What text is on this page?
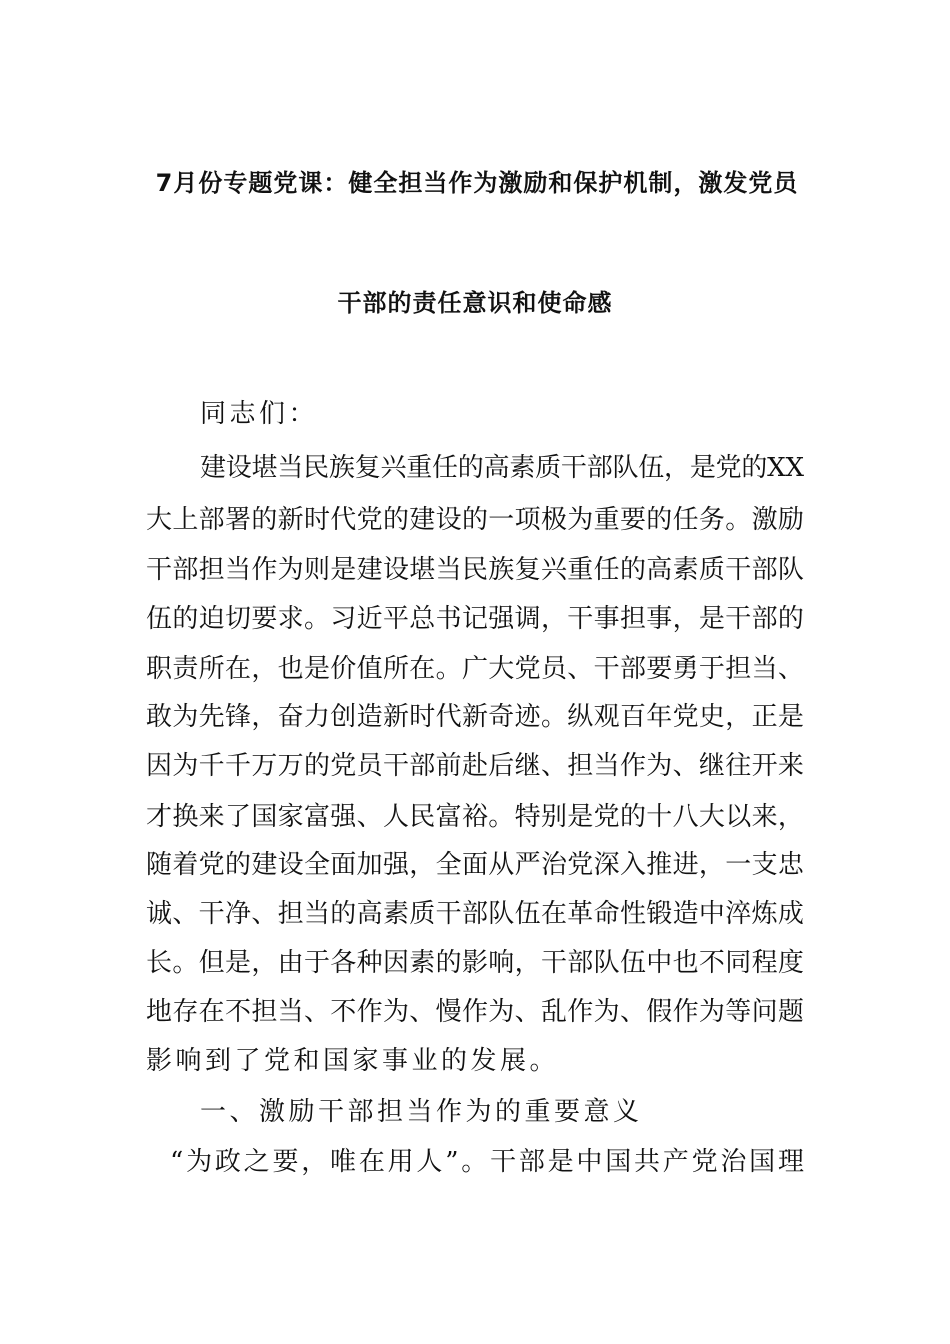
7月份专题党课：健全担当作为激励和保护机制，激发党员
干部的责任意识和使命感
同志们：
建设堪当民族复兴重任的高素质干部队伍，是党的XX
大上部署的新时代党的建设的一项极为重要的任务。激励
干部担当作为则是建设堪当民族复兴重任的高素质干部队
伍的迫切要求。习近平总书记强调，干事担事，是干部的
职责所在，也是价值所在。广大党员、干部要勇于担当、
敢为先锋，奋力创造新时代新奇迹。纵观百年党史，正是
因为千千万万的党员干部前赴后继、担当作为、继往开来
才换来了国家富强、人民富裕。特别是党的十八大以来，
随着党的建设全面加强，全面从严治党深入推进，一支忠
诚、干净、担当的高素质干部队伍在革命性锻造中淬炼成
长。但是，由于各种因素的影响，干部队伍中也不同程度
地存在不担当、不作为、慢作为、乱作为、假作为等问题
影响到了党和国家事业的发展。
一、激励干部担当作为的重要意义
“为政之要，唯在用人”。干部是中国共产党治国理
